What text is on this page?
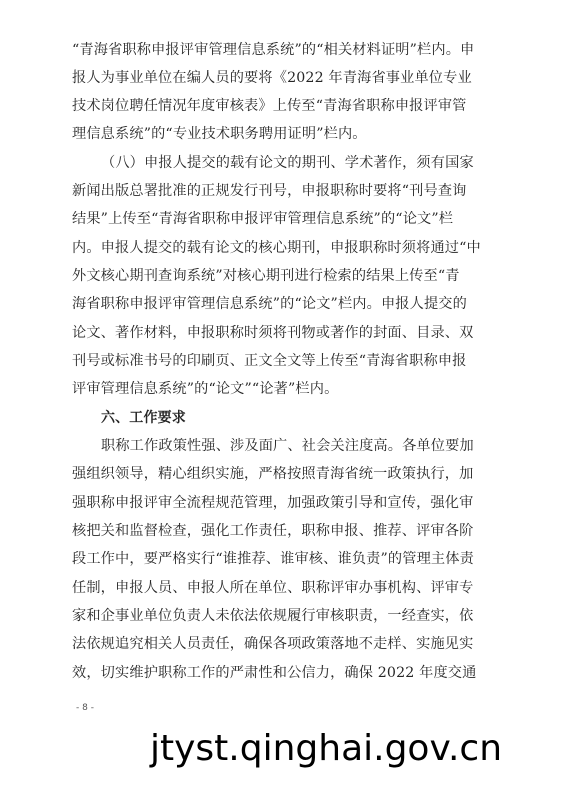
“青海省职称申报评审管理信息系统”的“相关材料证明”栏内。申
报人为事业单位在编人员的要将《2022 年青海省事业单位专业
技术岗位聘任情况年度审核表》上传至“青海省职称申报评审管
理信息系统”的“专业技术职务聘用证明”栏内。
（八）申报人提交的载有论文的期刊、学术著作，须有国家
新闻出版总署批准的正规发行刊号，申报职称时要将“刊号查询
结果”上传至“青海省职称申报评审管理信息系统”的“论文”栏
内。申报人提交的载有论文的核心期刊，申报职称时须将通过“中
外文核心期刊查询系统”对核心期刊进行检索的结果上传至“青
海省职称申报评审管理信息系统”的“论文”栏内。申报人提交的
论文、著作材料，申报职称时须将刊物或著作的封面、目录、双
刊号或标准书号的印刷页、正文全文等上传至“青海省职称申报
评审管理信息系统”的“论文”“论著”栏内。
六、工作要求
职称工作政策性强、涉及面广、社会关注度高。各单位要加
强组织领导，精心组织实施，严格按照青海省统一政策执行，加
强职称申报评审全流程规范管理，加强政策引导和宣传，强化审
核把关和监督检查，强化工作责任，职称申报、推荐、评审各阶
段工作中，要严格实行“谁推荐、谁审核、谁负责”的管理主体责
任制，申报人员、申报人所在单位、职称评审办事机构、评审专
家和企事业单位负责人未依法依规履行审核职责，一经查实，依
法依规追究相关人员责任，确保各项政策落地不走样、实施见实
效，切实维护职称工作的严肃性和公信力，确保 2022 年度交通
- 8 -
jtyst.qinghai.gov.cn
